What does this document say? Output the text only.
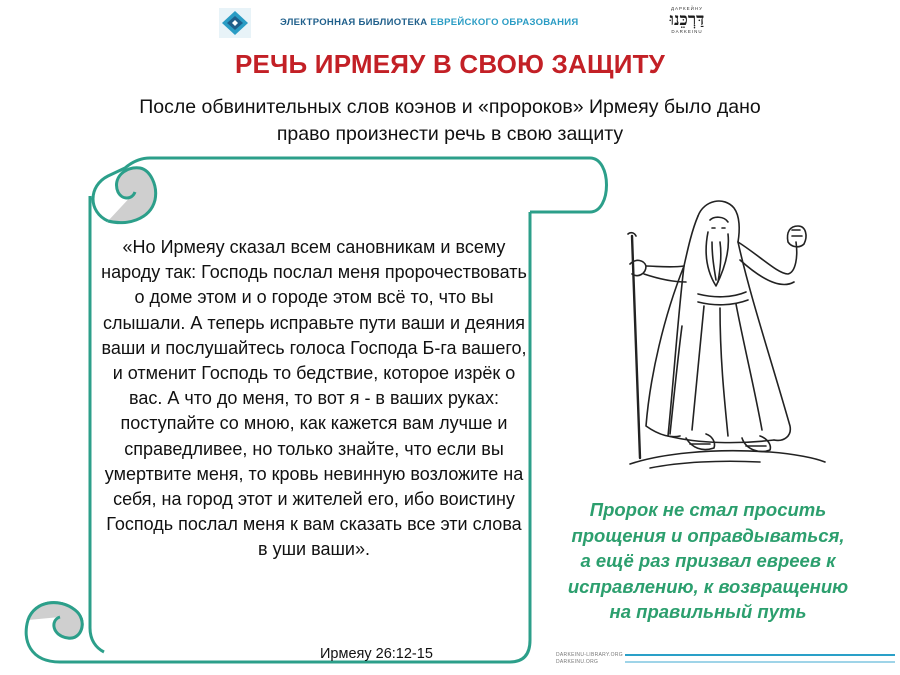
ЭЛЕКТРОННАЯ БИБЛИОТЕКА ЕВРЕЙСКОГО ОБРАЗОВАНИЯ
ДАРКЕЙНУ
דַּרְכֵּנוּ
DARKEINU
РЕЧЬ ИРМЕЯУ В СВОЮ ЗАЩИТУ
После обвинительных слов коэнов и «пророков» Ирмеяу было дано
право произнести речь в свою защиту
«Но Ирмеяу сказал всем сановникам и всему народу так: Господь послал меня пророчествовать о доме этом и о городе этом всё то, что вы слышали. А теперь исправьте пути ваши и деяния ваши и послушайтесь голоса Господа Б-га вашего, и отменит Господь то бедствие, которое изрёк о вас. А что до меня, то вот я - в ваших руках: поступайте со мною, как кажется вам лучше и справедливее, но только знайте, что если вы умертвите меня, то кровь невинную возложите на себя, на город этот и жителей его, ибо воистину Господь послал меня к вам сказать все эти слова в уши ваши».
Ирмеяу 26:12-15
Пророк не стал просить
прощения и оправдываться,
а ещё раз призвал евреев к
исправлению, к возвращению
на правильный путь
DARKEINU-LIBRARY.ORG
DARKEINU.ORG
